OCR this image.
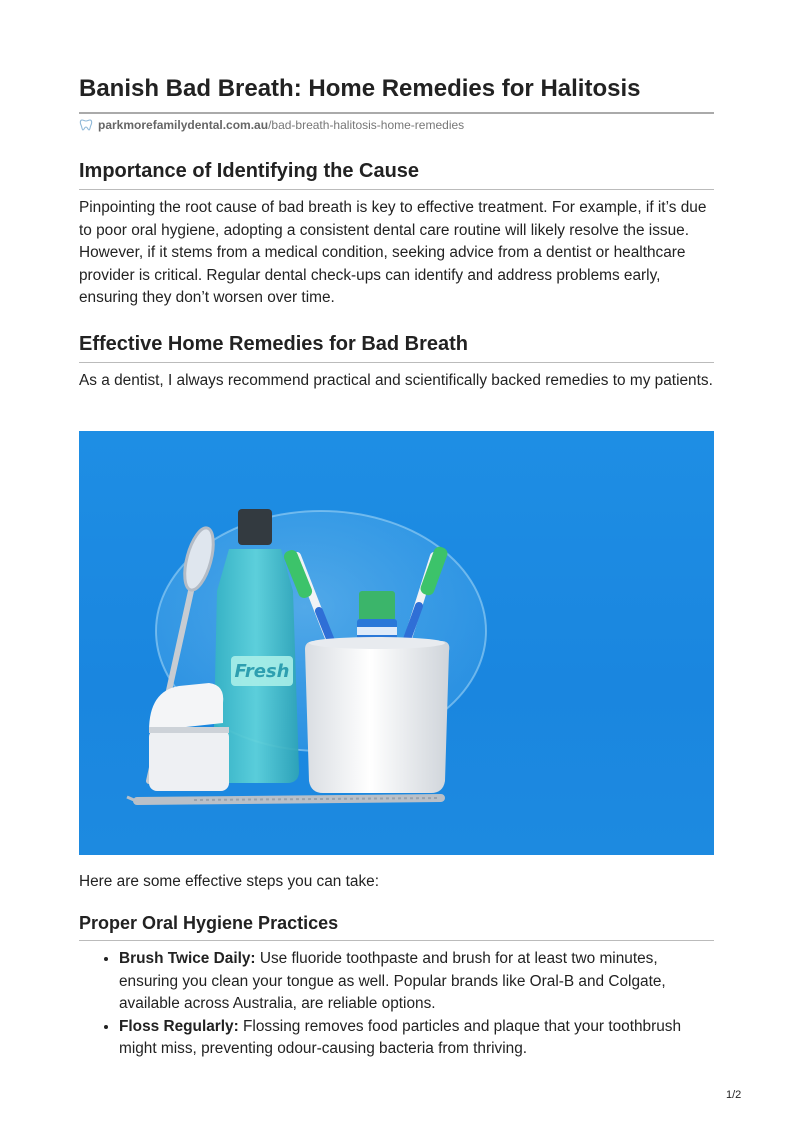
Banish Bad Breath: Home Remedies for Halitosis
parkmorefamilydental.com.au /bad-breath-halitosis-home-remedies
Importance of Identifying the Cause

Pinpointing the root cause of bad breath is key to effective treatment. For example, if it’s due to poor oral hygiene, adopting a consistent dental care routine will likely resolve the issue. However, if it stems from a medical condition, seeking advice from a dentist or healthcare provider is critical. Regular dental check-ups can identify and address problems early, ensuring they don’t worsen over time.

Effective Home Remedies for Bad Breath

As a dentist, I always recommend practical and scientifically backed remedies to my patients.

Fresh

Here are some effective steps you can take:

Proper Oral Hygiene Practices
• Brush Twice Daily: Use fluoride toothpaste and brush for at least two minutes, ensuring you clean your tongue as well. Popular brands like Oral-B and Colgate, available across Australia, are reliable options.
• Floss Regularly: Flossing removes food particles and plaque that your toothbrush might miss, preventing odour-causing bacteria from thriving.
1/2
